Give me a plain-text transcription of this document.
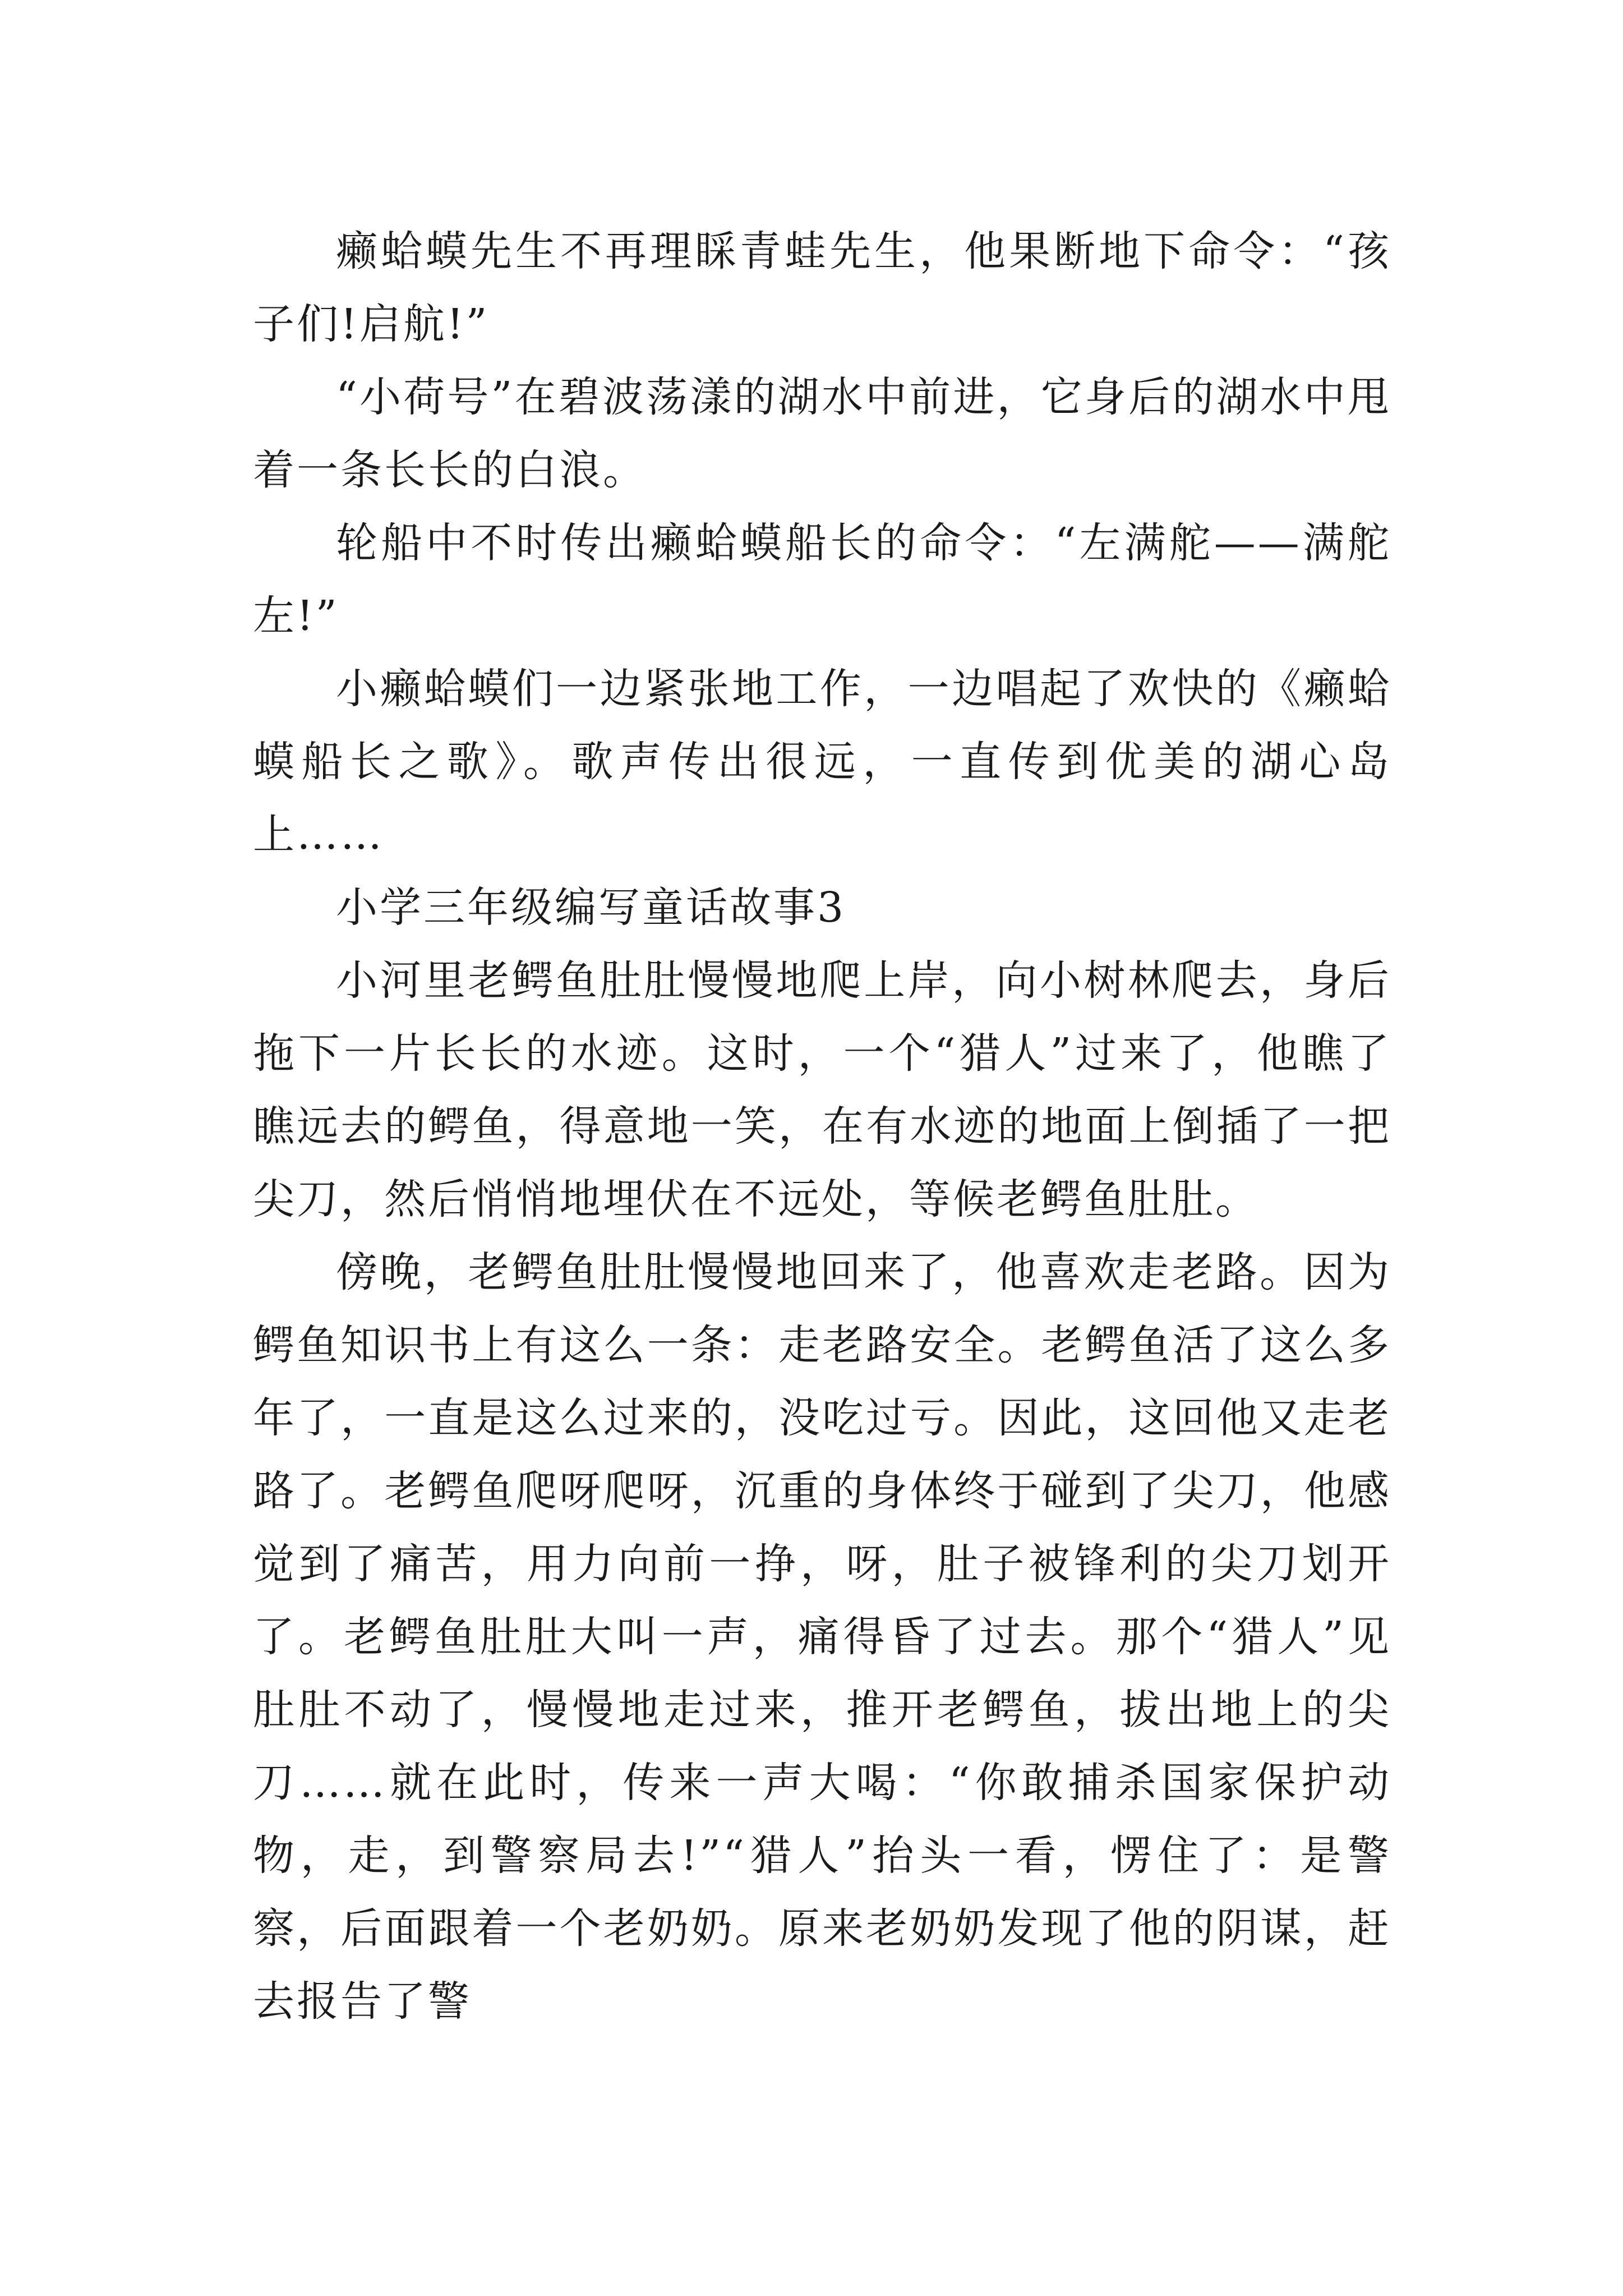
癞蛤蟆先生不再理睬青蛙先生，他果断地下命令：“孩子们!启航!”

“小荷号”在碧波荡漾的湖水中前进，它身后的湖水中甩着一条长长的白浪。

轮船中不时传出癞蛤蟆船长的命令：“左满舵——满舵左!”

小癞蛤蟆们一边紧张地工作，一边唱起了欢快的《癞蛤蟆船长之歌》。歌声传出很远，一直传到优美的湖心岛上……

小学三年级编写童话故事3

小河里老鳄鱼肚肚慢慢地爬上岸，向小树林爬去，身后拖下一片长长的水迹。这时，一个“猎人”过来了，他瞧了瞧远去的鳄鱼，得意地一笑，在有水迹的地面上倒插了一把尖刀，然后悄悄地埋伏在不远处，等候老鳄鱼肚肚。

傍晚，老鳄鱼肚肚慢慢地回来了，他喜欢走老路。因为鳄鱼知识书上有这么一条：走老路安全。老鳄鱼活了这么多年了，一直是这么过来的，没吃过亏。因此，这回他又走老路了。老鳄鱼爬呀爬呀，沉重的身体终于碰到了尖刀，他感觉到了痛苦，用力向前一挣，呀，肚子被锋利的尖刀划开了。老鳄鱼肚肚大叫一声，痛得昏了过去。那个“猎人”见肚肚不动了，慢慢地走过来，推开老鳄鱼，拔出地上的尖刀……就在此时，传来一声大喝：“你敢捕杀国家保护动物，走，到警察局去!”“猎人”抬头一看，愣住了：是警察，后面跟着一个老奶奶。原来老奶奶发现了他的阴谋，赶去报告了警
